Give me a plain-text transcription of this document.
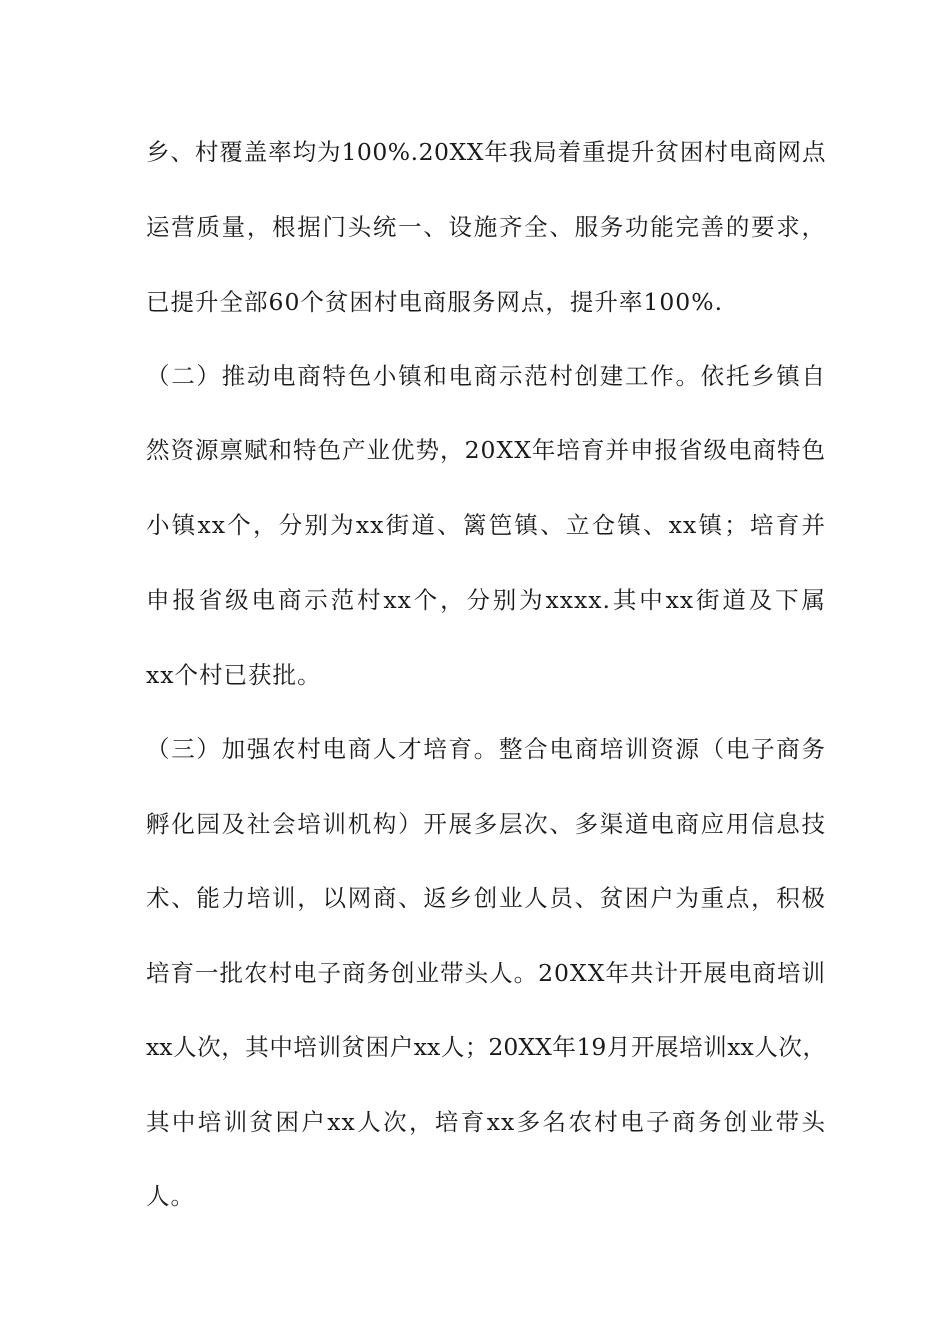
乡、村覆盖率均为100%.20XX年我局着重提升贫困村电商网点
运营质量，根据门头统一、设施齐全、服务功能完善的要求，
已提升全部60个贫困村电商服务网点，提升率100%.
（二）推动电商特色小镇和电商示范村创建工作。依托乡镇自
然资源禀赋和特色产业优势，20XX年培育并申报省级电商特色
小镇xx个，分别为xx街道、篱笆镇、立仓镇、xx镇；培育并
申报省级电商示范村xx个，分别为xxxx.其中xx街道及下属
xx个村已获批。
（三）加强农村电商人才培育。整合电商培训资源（电子商务
孵化园及社会培训机构）开展多层次、多渠道电商应用信息技
术、能力培训，以网商、返乡创业人员、贫困户为重点，积极
培育一批农村电子商务创业带头人。20XX年共计开展电商培训
xx人次，其中培训贫困户xx人；20XX年19月开展培训xx人次，
其中培训贫困户xx人次，培育xx多名农村电子商务创业带头
人。
